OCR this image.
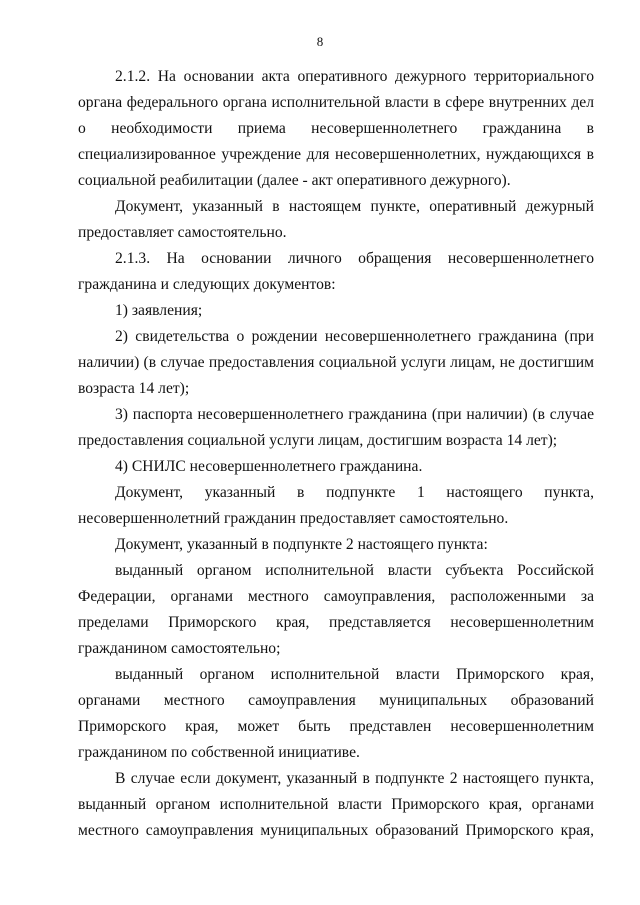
8

2.1.2. На основании акта оперативного дежурного территориального органа федерального органа исполнительной власти в сфере внутренних дел о необходимости приема несовершеннолетнего гражданина в специализированное учреждение для несовершеннолетних, нуждающихся в социальной реабилитации (далее - акт оперативного дежурного).

Документ, указанный в настоящем пункте, оперативный дежурный предоставляет самостоятельно.

2.1.3. На основании личного обращения несовершеннолетнего гражданина и следующих документов:

1) заявления;

2) свидетельства о рождении несовершеннолетнего гражданина (при наличии) (в случае предоставления социальной услуги лицам, не достигшим возраста 14 лет);

3) паспорта несовершеннолетнего гражданина (при наличии) (в случае предоставления социальной услуги лицам, достигшим возраста 14 лет);

4) СНИЛС несовершеннолетнего гражданина.

Документ, указанный в подпункте 1 настоящего пункта, несовершеннолетний гражданин предоставляет самостоятельно.

Документ, указанный в подпункте 2 настоящего пункта:

выданный органом исполнительной власти субъекта Российской Федерации, органами местного самоуправления, расположенными за пределами Приморского края, представляется несовершеннолетним гражданином самостоятельно;

выданный органом исполнительной власти Приморского края, органами местного самоуправления муниципальных образований Приморского края, может быть представлен несовершеннолетним гражданином по собственной инициативе.

В случае если документ, указанный в подпункте 2 настоящего пункта, выданный органом исполнительной власти Приморского края, органами местного самоуправления муниципальных образований Приморского края,
